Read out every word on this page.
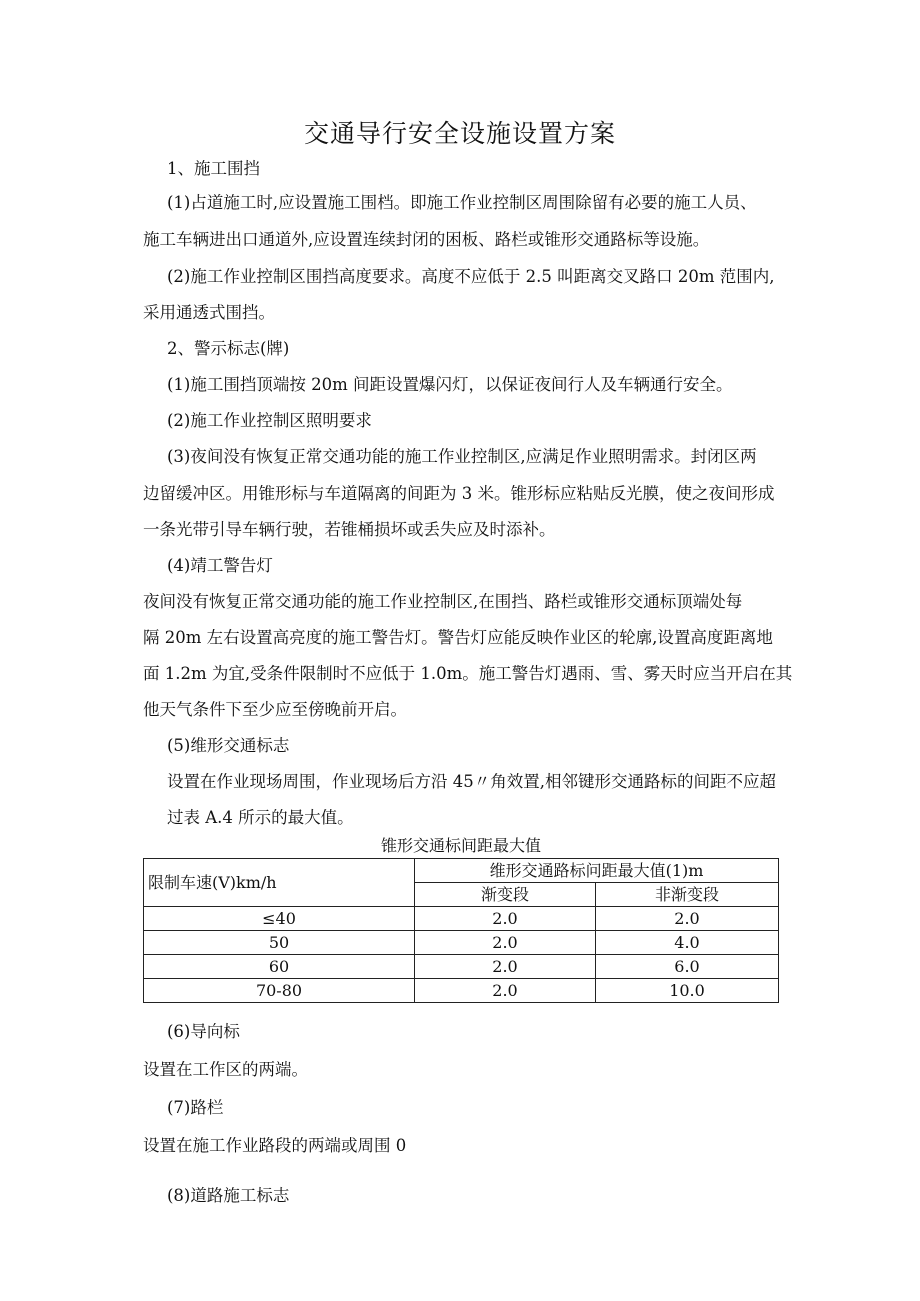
交通导行安全设施设置方案
1、施工围挡
(1)占道施工时,应设置施工围档。即施工作业控制区周围除留有必要的施工人员、
施工车辆进出口通道外,应设置连续封闭的困板、路栏或锥形交通路标等设施。
(2)施工作业控制区围挡高度要求。高度不应低于 2.5 叫距离交叉路口 20m 范围内,
采用通透式围挡。
2、警示标志(牌)
(1)施工围挡顶端按 20m 间距设置爆闪灯，以保证夜间行人及车辆通行安全。
(2)施工作业控制区照明要求
(3)夜间没有恢复正常交通功能的施工作业控制区,应满足作业照明需求。封闭区两
边留缓冲区。用锥形标与车道隔离的间距为 3 米。锥形标应粘贴反光膜，使之夜间形成
一条光带引导车辆行驶，若锥桶损坏或丢失应及时添补。
(4)靖工警告灯
夜间没有恢复正常交通功能的施工作业控制区,在围挡、路栏或锥形交通标顶端处每
隔 20m 左右设置高亮度的施工警告灯。警告灯应能反映作业区的轮廓,设置高度距离地
面 1.2m 为宜,受条件限制时不应低于 1.0m。施工警告灯遇雨、雪、雾天时应当开启在其
他天气条件下至少应至傍晚前开启。
(5)维形交通标志
设置在作业现场周围，作业现场后方沿 45〃角效置,相邻键形交通路标的间距不应超
过表 A.4 所示的最大值。
锥形交通标间距最大值
限制车速(V)km/h	维形交通路标问距最大值(1)m	
	渐变段	非渐变段
≤40	2.0	2.0
50	2.0	4.0
60	2.0	6.0
70-80	2.0	10.0
(6)导向标
设置在工作区的两端。
(7)路栏
设置在施工作业路段的两端或周围 0
(8)道路施工标志
